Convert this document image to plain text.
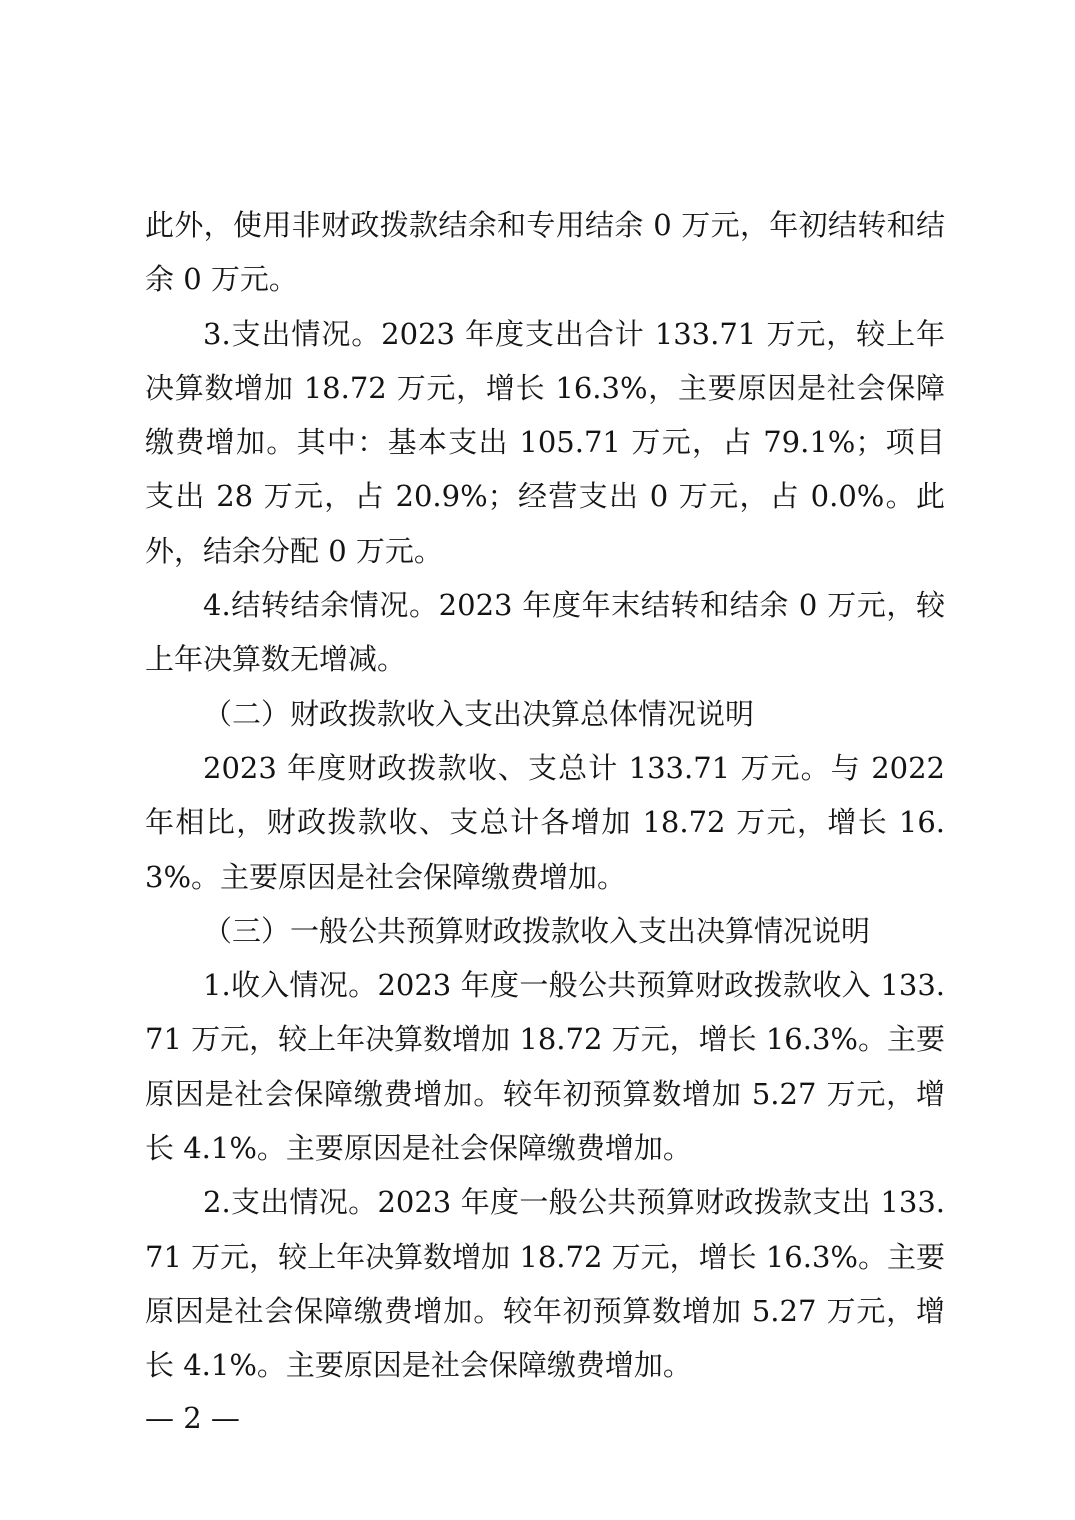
此外，使用非财政拨款结余和专用结余 0 万元，年初结转和结余 0 万元。

3.支出情况。2023 年度支出合计 133.71 万元，较上年决算数增加 18.72 万元，增长 16.3%，主要原因是社会保障缴费增加。其中：基本支出 105.71 万元，占 79.1%；项目支出 28 万元，占 20.9%；经营支出 0 万元，占 0.0%。此外，结余分配 0 万元。

4.结转结余情况。2023 年度年末结转和结余 0 万元，较上年决算数无增减。

（二）财政拨款收入支出决算总体情况说明

2023 年度财政拨款收、支总计 133.71 万元。与 2022 年相比，财政拨款收、支总计各增加 18.72 万元，增长 16.3%。主要原因是社会保障缴费增加。

（三）一般公共预算财政拨款收入支出决算情况说明

1.收入情况。2023 年度一般公共预算财政拨款收入 133.71 万元，较上年决算数增加 18.72 万元，增长 16.3%。主要原因是社会保障缴费增加。较年初预算数增加 5.27 万元，增长 4.1%。主要原因是社会保障缴费增加。

2.支出情况。2023 年度一般公共预算财政拨款支出 133.71 万元，较上年决算数增加 18.72 万元，增长 16.3%。主要原因是社会保障缴费增加。较年初预算数增加 5.27 万元，增长 4.1%。主要原因是社会保障缴费增加。

— 2 —
